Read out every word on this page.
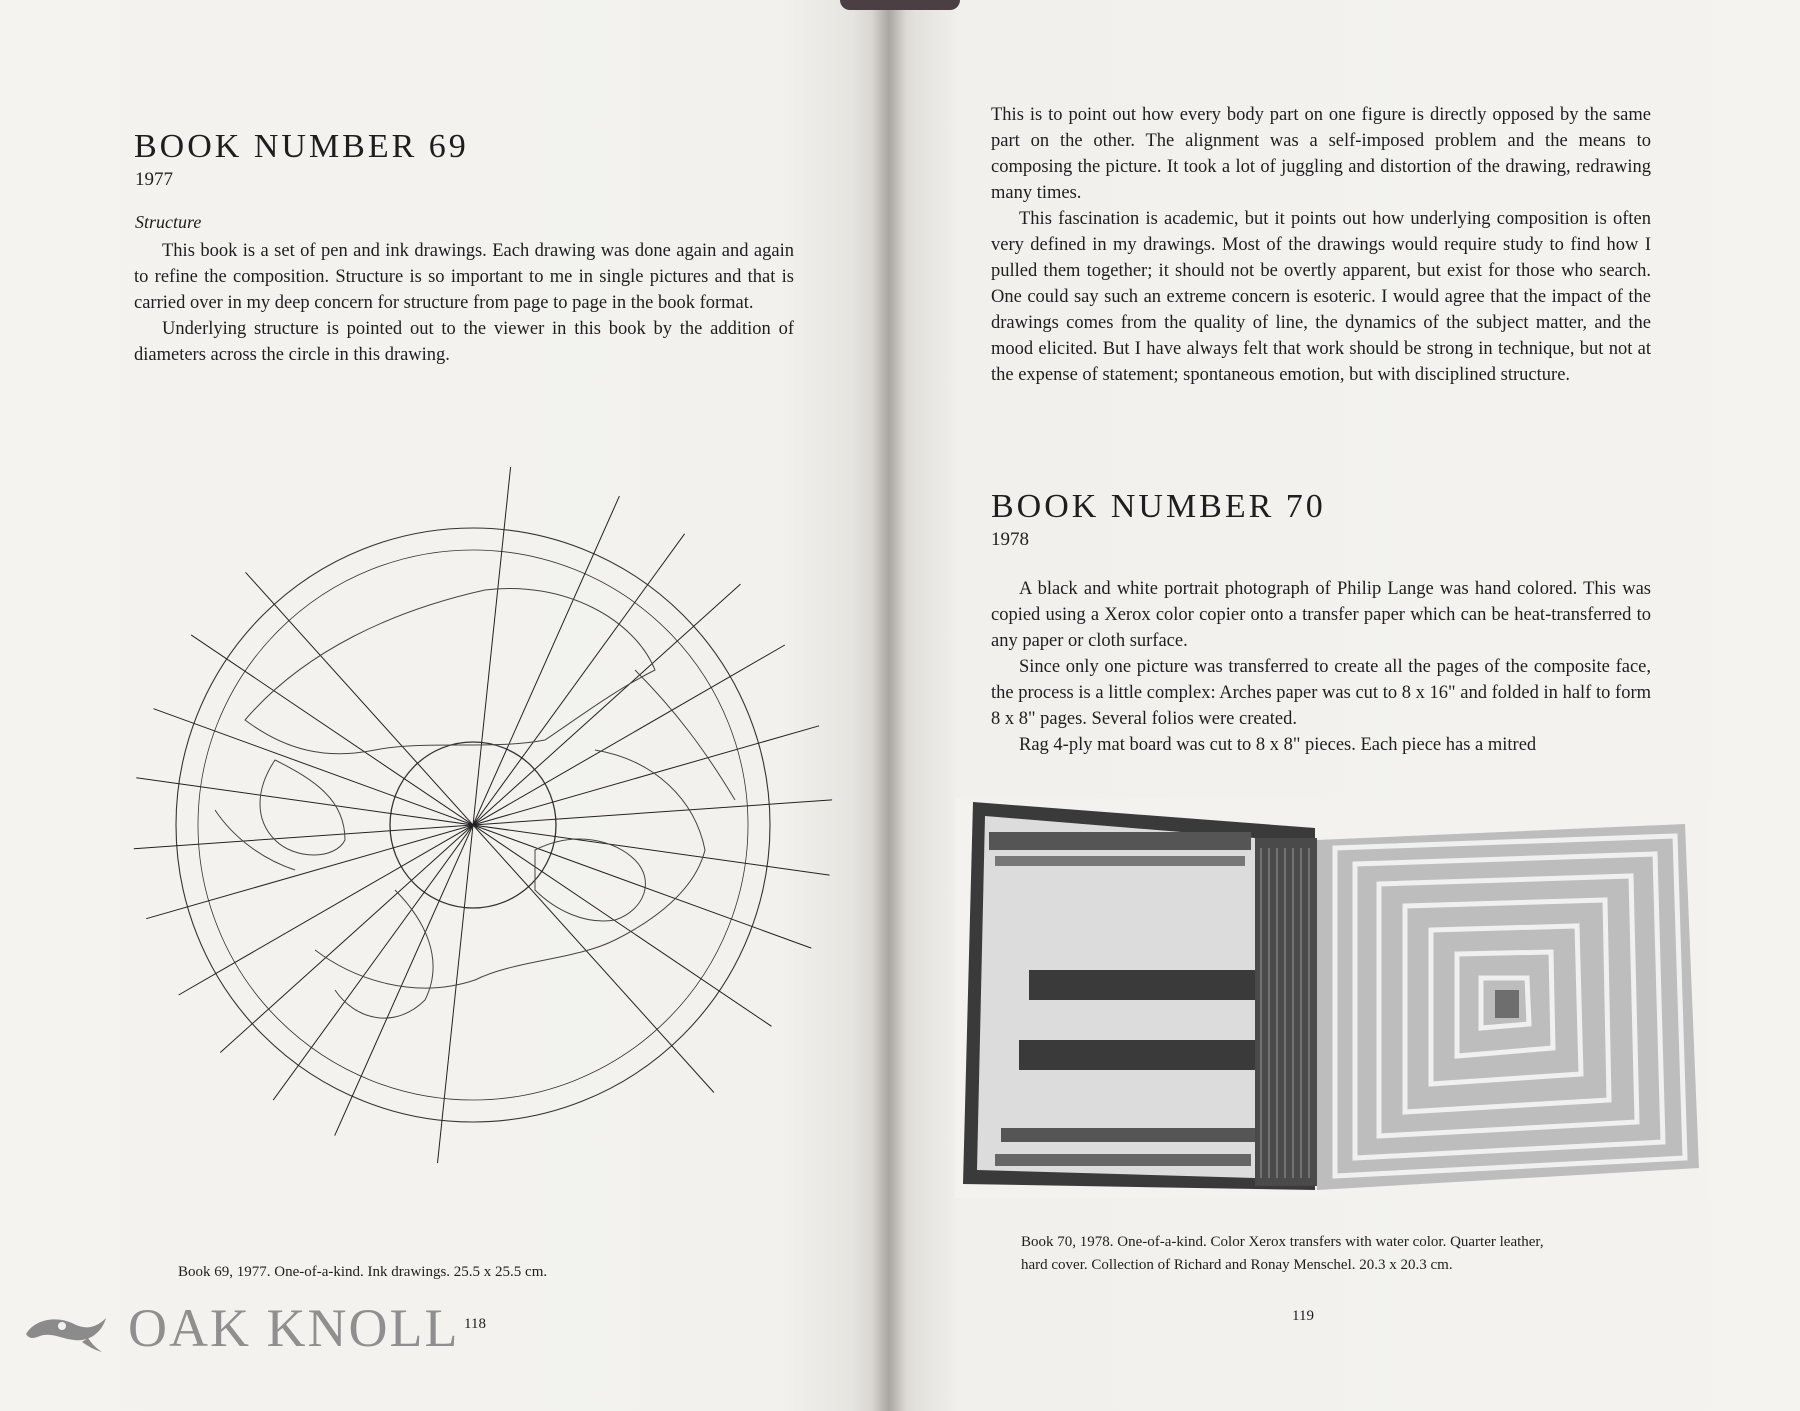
BOOK NUMBER 69
1977
Structure

This book is a set of pen and ink drawings. Each drawing was done again and again to refine the composition. Structure is so important to me in single pictures and that is carried over in my deep concern for structure from page to page in the book format.

Underlying structure is pointed out to the viewer in this book by the addition of diameters across the circle in this drawing.

Book 69, 1977. One-of-a-kind. Ink drawings. 25.5 x 25.5 cm.
OAK KNOLL 118

This is to point out how every body part on one figure is directly opposed by the same part on the other. The alignment was a self-imposed problem and the means to composing the picture. It took a lot of juggling and distortion of the drawing, redrawing many times.

This fascination is academic, but it points out how underlying composition is often very defined in my drawings. Most of the drawings would require study to find how I pulled them together; it should not be overtly apparent, but exist for those who search. One could say such an extreme concern is esoteric. I would agree that the impact of the drawings comes from the quality of line, the dynamics of the subject matter, and the mood elicited. But I have always felt that work should be strong in technique, but not at the expense of statement; spontaneous emotion, but with disciplined structure.

BOOK NUMBER 70
1978

A black and white portrait photograph of Philip Lange was hand colored. This was copied using a Xerox color copier onto a transfer paper which can be heat-transferred to any paper or cloth surface.

Since only one picture was transferred to create all the pages of the composite face, the process is a little complex: Arches paper was cut to 8 x 16" and folded in half to form 8 x 8" pages. Several folios were created.

Rag 4-ply mat board was cut to 8 x 8" pieces. Each piece has a mitred

Book 70, 1978. One-of-a-kind. Color Xerox transfers with water color. Quarter leather,
hard cover. Collection of Richard and Ronay Menschel. 20.3 x 20.3 cm.
119
